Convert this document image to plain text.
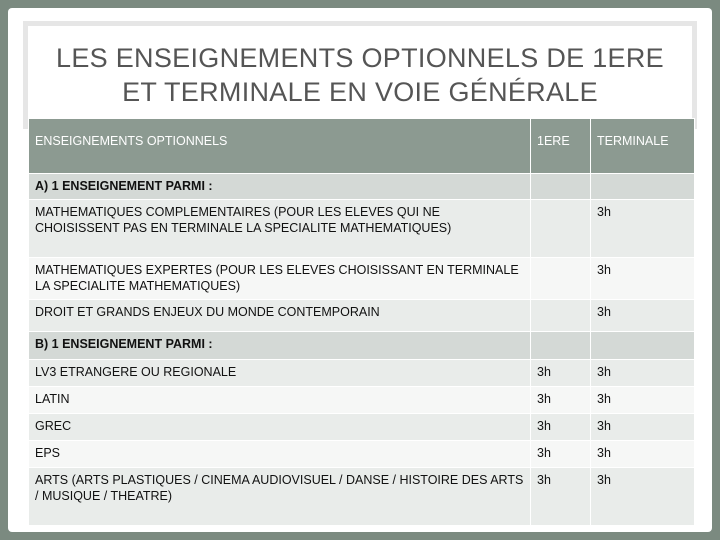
LES ENSEIGNEMENTS OPTIONNELS DE 1ERE
ET TERMINALE EN VOIE GÉNÉRALE
ENSEIGNEMENTS OPTIONNELS	1ERE	TERMINALE
A) 1 ENSEIGNEMENT PARMI :		
MATHEMATIQUES COMPLEMENTAIRES (POUR LES ELEVES QUI NE CHOISISSENT PAS EN TERMINALE LA SPECIALITE MATHEMATIQUES)		3h
MATHEMATIQUES EXPERTES (POUR LES ELEVES CHOISISSANT EN TERMINALE LA SPECIALITE MATHEMATIQUES)		3h
DROIT ET GRANDS ENJEUX DU MONDE CONTEMPORAIN		3h
B) 1 ENSEIGNEMENT PARMI :		
LV3 ETRANGERE OU REGIONALE	3h	3h
LATIN	3h	3h
GREC	3h	3h
EPS	3h	3h
ARTS (ARTS PLASTIQUES / CINEMA AUDIOVISUEL / DANSE / HISTOIRE DES ARTS / MUSIQUE / THEATRE)	3h	3h
